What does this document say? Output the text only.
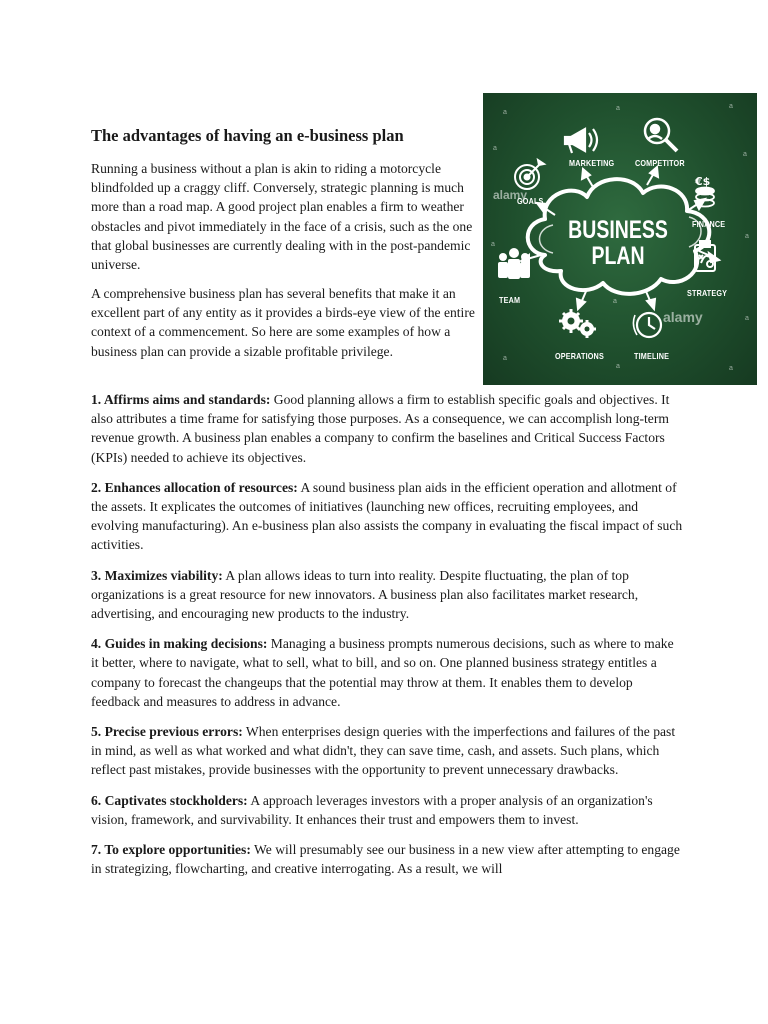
€$
BUSINESS
PLAN
MARKETING COMPETITOR
GOALS
FINANCE
TEAM
STRATEGY
OPERATIONS	TIMELINE
alamy
alamy
a
a	a
a
a
a
a
a
a
a	a
a
The advantages of having an e-business plan

Running a business without a plan is akin to riding a motorcycle blindfolded up a craggy cliff. Conversely, strategic planning is much more than a road map. A good project plan enables a firm to weather obstacles and pivot immediately in the face of a crisis, such as the one that global businesses are currently dealing with in the post-pandemic universe.

A comprehensive business plan has several benefits that make it an excellent part of any entity as it provides a birds-eye view of the entire context of a commencement. So here are some examples of how a business plan can provide a sizable profitable privilege.

1. Affirms aims and standards: Good planning allows a firm to establish specific goals and objectives. It also attributes a time frame for satisfying those purposes. As a consequence, we can accomplish long-term revenue growth. A business plan enables a company to confirm the baselines and Critical Success Factors (KPIs) needed to achieve its objectives.

2. Enhances allocation of resources: A sound business plan aids in the efficient operation and allotment of the assets. It explicates the outcomes of initiatives (launching new offices, recruiting employees, and evolving manufacturing). An e-business plan also assists the company in evaluating the fiscal impact of such activities.

3. Maximizes viability: A plan allows ideas to turn into reality. Despite fluctuating, the plan of top organizations is a great resource for new innovators. A business plan also facilitates market research, advertising, and encouraging new products to the industry.

4. Guides in making decisions: Managing a business prompts numerous decisions, such as where to make it better, where to navigate, what to sell, what to bill, and so on. One planned business strategy entitles a company to forecast the changeups that the potential may throw at them. It enables them to develop feedback and measures to address in advance.

5. Precise previous errors: When enterprises design queries with the imperfections and failures of the past in mind, as well as what worked and what didn't, they can save time, cash, and assets. Such plans, which reflect past mistakes, provide businesses with the opportunity to prevent unnecessary drawbacks.

6. Captivates stockholders: A approach leverages investors with a proper analysis of an organization's vision, framework, and survivability. It enhances their trust and empowers them to invest.

7. To explore opportunities: We will presumably see our business in a new view after attempting to engage in strategizing, flowcharting, and creative interrogating. As a result, we will
